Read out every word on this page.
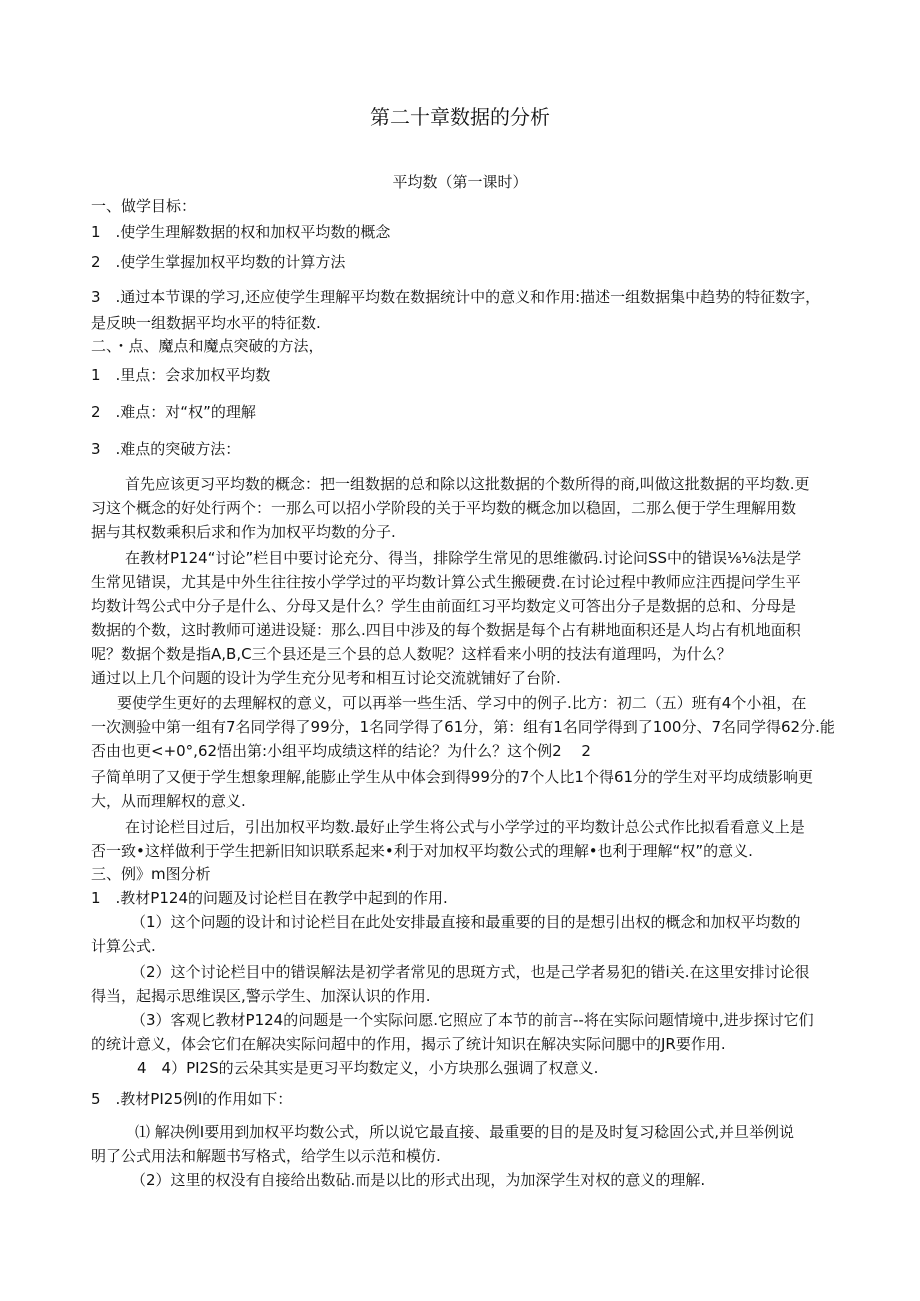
第二十章数据的分析
平均数（第一课时）
一、做学目标：
1　.使学生理解数据的权和加权平均数的概念
2　.使学生掌握加权平均数的计算方法
3　.通过本节课的学习,还应使学生理解平均数在数据统计中的意义和作用:描述一组数据集中趋势的特征数字，
是反映一组数据平均水平的特征数.
二、・点、魔点和魔点突破的方法，
1　.里点：会求加权平均数
2　.难点：对“权”的理解
3　.难点的突破方法：
首先应该更习平均数的概念：把一组数据的总和除以这批数据的个数所得的商,叫做这批数据的平均数.更
习这个概念的好处行两个：一那么可以招小学阶段的关于平均数的概念加以稳固，二那么便于学生理解用数
据与其权数乘积后求和作为加权平均数的分子.
在教材P124“讨论”栏目中要讨论充分、得当，排除学生常见的思维徽码.讨论问SS中的错误⅛⅛法是学
生常见错误，尤其是中外生往往按小学学过的平均数计算公式生搬硬费.在讨论过程中教师应注西提问学生平
均数计驾公式中分子是什么、分母又是什么？学生由前面红习平均数定义可答出分子是数据的总和、分母是
数据的个数，这时教师可递进设疑：那么.四目中涉及的每个数据是每个占有耕地面积还是人均占有机地面积
呢？数据个数是指A,B,C三个县还是三个县的总人数呢？这样看来小明的技法有道理吗，为什么？
通过以上几个问题的设计为学生充分见考和相互讨论交流就铺好了台阶.
要使学生更好的去理解权的意义，可以再举一些生活、学习中的例子.比方：初二（五）班有4个小祖，在
一次测验中第一组有7名同学得了99分，1名同学得了61分，第：组有1名同学得到了100分、7名同学得62分.能
否由也更<+0°,62悟出第:小组平均成绩这样的结论？为什么？这个例2　 2
子简单明了又便于学生想象理解,能膨止学生从中体会到得99分的7个人比1个得61分的学生对平均成绩影响更
大，从而理解权的意义.
在讨论栏目过后，引出加权平均数.最好止学生将公式与小学学过的平均数计总公式作比拟看看意义上是
否一致•这样做利于学生把新旧知识联系起来•利于对加权平均数公式的理解•也利于理解“权”的意义.
三、例》m图分析
1　.教材P124的问题及讨论栏目在教学中起到的作用.
（1）这个问题的设计和讨论栏目在此处安排最直接和最重要的目的是想引出权的概念和加权平均数的
计算公式.
（2）这个讨论栏目中的错误解法是初学者常见的思斑方式，也是己学者易犯的错i关.在这里安排讨论很
得当，起揭示思维误区,警示学生、加深认识的作用.
（3）客观匕教材P124的问题是一个实际问愿.它照应了本节的前言--将在实际问题情境中,进步探讨它们
的统计意义，体会它们在解决实际问超中的作用，揭示了统计知识在解决实际问腮中的JR要作用.
4　4）PI2S的云朵其实是更习平均数定义，小方块那么强调了权意义.
5　.教材PI25例I的作用如下：
⑴ 解决例I要用到加权平均数公式，所以说它最直接、最重要的目的是及时复习稔固公式,并旦举例说
明了公式用法和解题书写格式，给学生以示范和模仿.
（2）这里的权没有自接给出数砧.而是以比的形式出现，为加深学生对权的意义的理解.
